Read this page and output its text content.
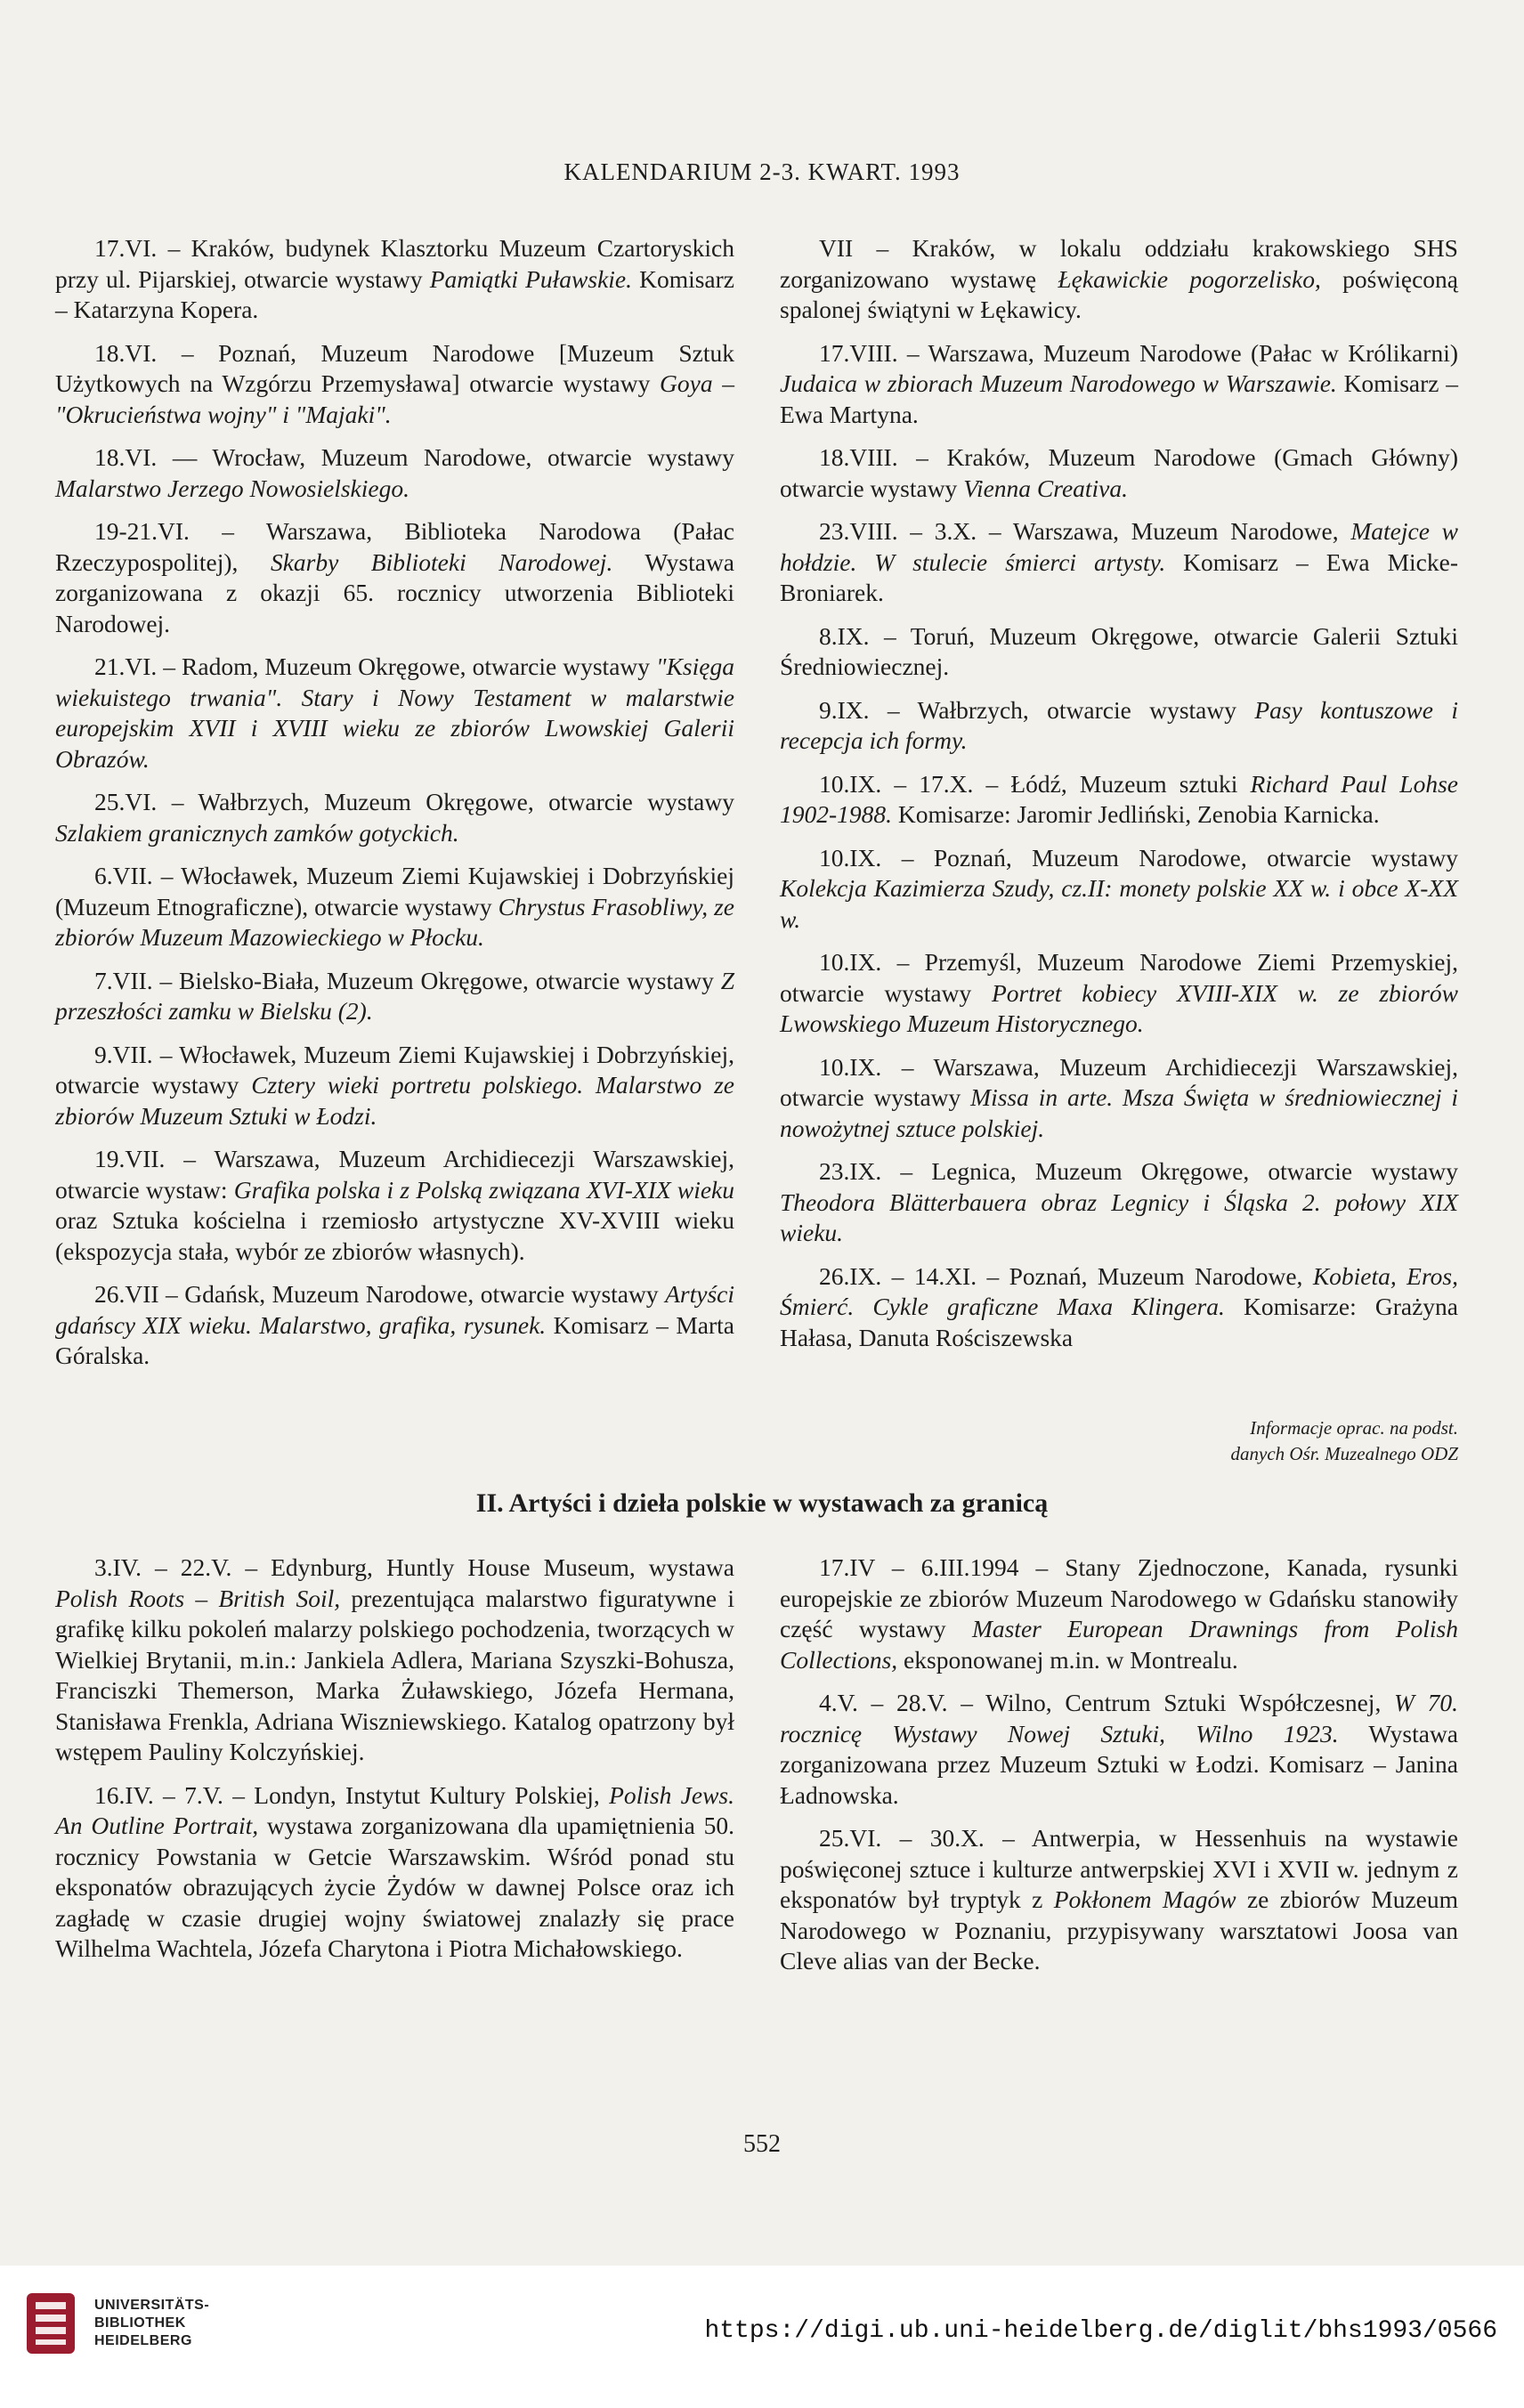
KALENDARIUM 2-3. KWART. 1993

17.VI. – Kraków, budynek Klasztorku Muzeum Czartoryskich przy ul. Pijarskiej, otwarcie wystawy Pamiątki Puławskie. Komisarz – Katarzyna Kopera.

18.VI. – Poznań, Muzeum Narodowe [Muzeum Sztuk Użytkowych na Wzgórzu Przemysława] otwarcie wystawy Goya – "Okrucieństwa wojny" i "Majaki".

18.VI. — Wrocław, Muzeum Narodowe, otwarcie wystawy Malarstwo Jerzego Nowosielskiego.

19-21.VI. – Warszawa, Biblioteka Narodowa (Pałac Rzeczypospolitej), Skarby Biblioteki Narodowej. Wystawa zorganizowana z okazji 65. rocznicy utworzenia Biblioteki Narodowej.

21.VI. – Radom, Muzeum Okręgowe, otwarcie wystawy "Księga wiekuistego trwania". Stary i Nowy Testament w malarstwie europejskim XVII i XVIII wieku ze zbiorów Lwowskiej Galerii Obrazów.

25.VI. – Wałbrzych, Muzeum Okręgowe, otwarcie wystawy Szlakiem granicznych zamków gotyckich.

6.VII. – Włocławek, Muzeum Ziemi Kujawskiej i Dobrzyńskiej (Muzeum Etnograficzne), otwarcie wystawy Chrystus Frasobliwy, ze zbiorów Muzeum Mazowieckiego w Płocku.

7.VII. – Bielsko-Biała, Muzeum Okręgowe, otwarcie wystawy Z przeszłości zamku w Bielsku (2).

9.VII. – Włocławek, Muzeum Ziemi Kujawskiej i Dobrzyńskiej, otwarcie wystawy Cztery wieki portretu polskiego. Malarstwo ze zbiorów Muzeum Sztuki w Łodzi.

19.VII. – Warszawa, Muzeum Archidiecezji Warszawskiej, otwarcie wystaw: Grafika polska i z Polską związana XVI-XIX wieku oraz Sztuka kościelna i rzemiosło artystyczne XV-XVIII wieku (ekspozycja stała, wybór ze zbiorów własnych).

26.VII – Gdańsk, Muzeum Narodowe, otwarcie wystawy Artyści gdańscy XIX wieku. Malarstwo, grafika, rysunek. Komisarz – Marta Góralska.

VII – Kraków, w lokalu oddziału krakowskiego SHS zorganizowano wystawę Łękawickie pogorzelisko, poświęconą spalonej świątyni w Łękawicy.

17.VIII. – Warszawa, Muzeum Narodowe (Pałac w Królikarni) Judaica w zbiorach Muzeum Narodowego w Warszawie. Komisarz – Ewa Martyna.

18.VIII. – Kraków, Muzeum Narodowe (Gmach Główny) otwarcie wystawy Vienna Creativa.

23.VIII. – 3.X. – Warszawa, Muzeum Narodowe, Matejce w hołdzie. W stulecie śmierci artysty. Komisarz – Ewa Micke-Broniarek.

8.IX. – Toruń, Muzeum Okręgowe, otwarcie Galerii Sztuki Średniowiecznej.

9.IX. – Wałbrzych, otwarcie wystawy Pasy kontuszowe i recepcja ich formy.

10.IX. – 17.X. – Łódź, Muzeum sztuki Richard Paul Lohse 1902-1988. Komisarze: Jaromir Jedliński, Zenobia Karnicka.

10.IX. – Poznań, Muzeum Narodowe, otwarcie wystawy Kolekcja Kazimierza Szudy, cz.II: monety polskie XX w. i obce X-XX w.

10.IX. – Przemyśl, Muzeum Narodowe Ziemi Przemyskiej, otwarcie wystawy Portret kobiecy XVIII-XIX w. ze zbiorów Lwowskiego Muzeum Historycznego.

10.IX. – Warszawa, Muzeum Archidiecezji Warszawskiej, otwarcie wystawy Missa in arte. Msza Święta w średniowiecznej i nowożytnej sztuce polskiej.

23.IX. – Legnica, Muzeum Okręgowe, otwarcie wystawy Theodora Blätterbauera obraz Legnicy i Śląska 2. połowy XIX wieku.

26.IX. – 14.XI. – Poznań, Muzeum Narodowe, Kobieta, Eros, Śmierć. Cykle graficzne Maxa Klingera. Komisarze: Grażyna Hałasa, Danuta Rościszewska

Informacje oprac. na podst.
danych Ośr. Muzealnego ODZ
II. Artyści i dzieła polskie w wystawach za granicą

3.IV. – 22.V. – Edynburg, Huntly House Museum, wystawa Polish Roots – British Soil, prezentująca malarstwo figuratywne i grafikę kilku pokoleń malarzy polskiego pochodzenia, tworzących w Wielkiej Brytanii, m.in.: Jankiela Adlera, Mariana Szyszki-Bohusza, Franciszki Themerson, Marka Żuławskiego, Józefa Hermana, Stanisława Frenkla, Adriana Wiszniewskiego. Katalog opatrzony był wstępem Pauliny Kolczyńskiej.

16.IV. – 7.V. – Londyn, Instytut Kultury Polskiej, Polish Jews. An Outline Portrait, wystawa zorganizowana dla upamiętnienia 50. rocznicy Powstania w Getcie Warszawskim. Wśród ponad stu eksponatów obrazujących życie Żydów w dawnej Polsce oraz ich zagładę w czasie drugiej wojny światowej znalazły się prace Wilhelma Wachtela, Józefa Charytona i Piotra Michałowskiego.

17.IV – 6.III.1994 – Stany Zjednoczone, Kanada, rysunki europejskie ze zbiorów Muzeum Narodowego w Gdańsku stanowiły część wystawy Master European Drawnings from Polish Collections, eksponowanej m.in. w Montrealu.

4.V. – 28.V. – Wilno, Centrum Sztuki Współczesnej, W 70. rocznicę Wystawy Nowej Sztuki, Wilno 1923. Wystawa zorganizowana przez Muzeum Sztuki w Łodzi. Komisarz – Janina Ładnowska.

25.VI. – 30.X. – Antwerpia, w Hessenhuis na wystawie poświęconej sztuce i kulturze antwerpskiej XVI i XVII w. jednym z eksponatów był tryptyk z Pokłonem Magów ze zbiorów Muzeum Narodowego w Poznaniu, przypisywany warsztatowi Joosa van Cleve alias van der Becke.

552
UNIVERSITÄTS-
BIBLIOTHEK
HEIDELBERG	https://digi.ub.uni-heidelberg.de/diglit/bhs1993/0566
